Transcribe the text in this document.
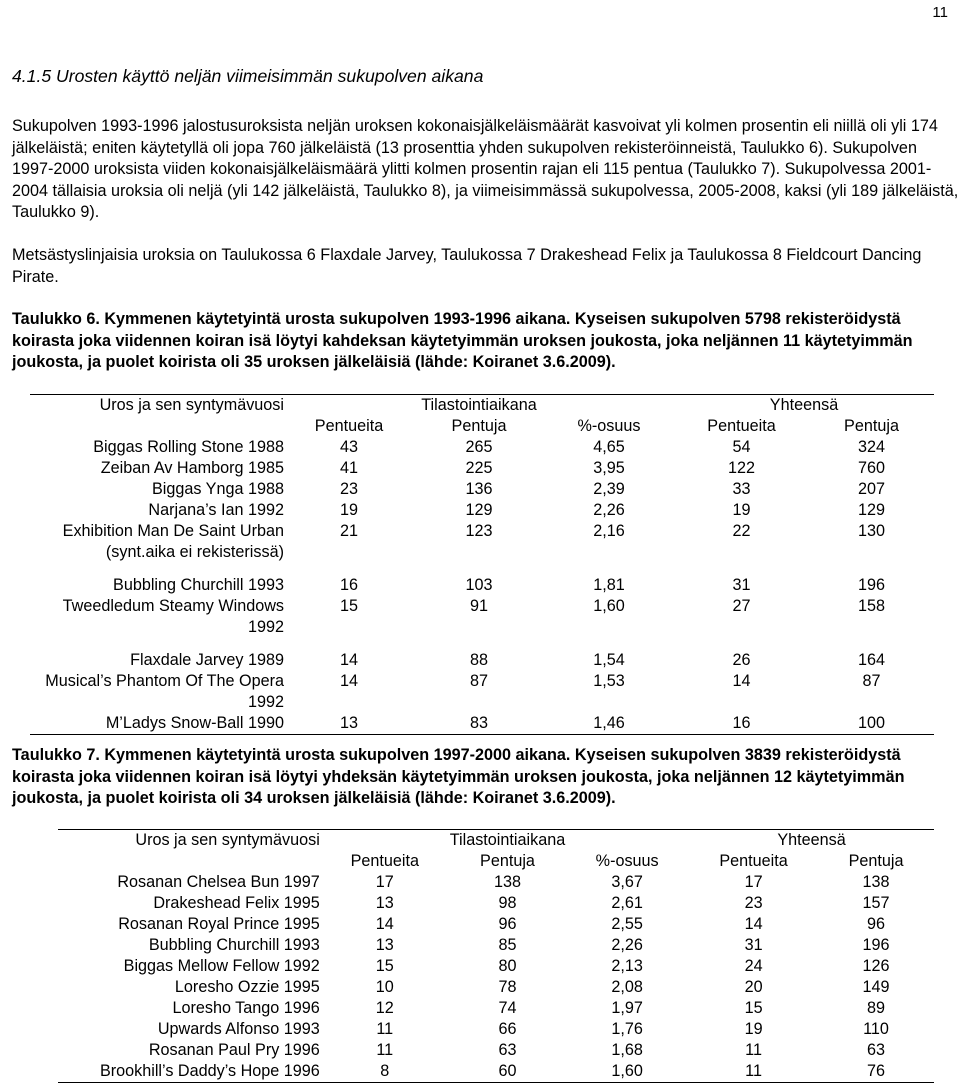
11
4.1.5 Urosten käyttö neljän viimeisimmän sukupolven aikana

Sukupolven 1993-1996 jalostusuroksista neljän uroksen kokonaisjälkeläismäärät kasvoivat yli kolmen prosentin eli niillä oli yli 174 jälkeläistä; eniten käytetyllä oli jopa 760 jälkeläistä (13 prosenttia yhden sukupolven rekisteröinneistä, Taulukko 6). Sukupolven 1997-2000 uroksista viiden kokonaisjälkeläismäärä ylitti kolmen prosentin rajan eli 115 pentua (Taulukko 7). Sukupolvessa 2001-2004 tällaisia uroksia oli neljä (yli 142 jälkeläistä, Taulukko 8), ja viimeisimmässä sukupolvessa, 2005-2008, kaksi (yli 189 jälkeläistä, Taulukko 9).

Metsästyslinjaisia uroksia on Taulukossa 6 Flaxdale Jarvey, Taulukossa 7 Drakeshead Felix ja Taulukossa 8 Fieldcourt Dancing Pirate.

Taulukko 6. Kymmenen käytetyintä urosta sukupolven 1993-1996 aikana. Kyseisen sukupolven 5798 rekisteröidystä koirasta joka viidennen koiran isä löytyi kahdeksan käytetyimmän uroksen joukosta, joka neljännen 11 käytetyimmän joukosta, ja puolet koirista oli 35 uroksen jälkeläisiä (lähde: Koiranet 3.6.2009).

Uros ja sen syntymävuosi		Tilastointiaikana		Yhteensä	
	Pentueita	Pentuja	%-osuus	Pentueita	Pentuja
Biggas Rolling Stone 1988	43	265	4,65	54	324
Zeiban Av Hamborg 1985	41	225	3,95	122	760
Biggas Ynga 1988	23	136	2,39	33	207
Narjana’s Ian 1992	19	129	2,26	19	129
Exhibition Man De Saint Urban (synt.aika ei rekisterissä)	21	123	2,16	22	130

Bubbling Churchill 1993	16	103	1,81	31	196
Tweedledum Steamy Windows 1992	15	91	1,60	27	158

Flaxdale Jarvey 1989	14	88	1,54	26	164
Musical’s Phantom Of The Opera 1992	14	87	1,53	14	87
M’Ladys Snow-Ball 1990	13	83	1,46	16	100

Taulukko 7. Kymmenen käytetyintä urosta sukupolven 1997-2000 aikana. Kyseisen sukupolven 3839 rekisteröidystä koirasta joka viidennen koiran isä löytyi yhdeksän käytetyimmän uroksen joukosta, joka neljännen 12 käytetyimmän joukosta, ja puolet koirista oli 34 uroksen jälkeläisiä (lähde: Koiranet 3.6.2009).

Uros ja sen syntymävuosi		Tilastointiaikana		Yhteensä	
	Pentueita	Pentuja	%-osuus	Pentueita	Pentuja
Rosanan Chelsea Bun 1997	17	138	3,67	17	138
Drakeshead Felix 1995	13	98	2,61	23	157
Rosanan Royal Prince 1995	14	96	2,55	14	96
Bubbling Churchill 1993	13	85	2,26	31	196
Biggas Mellow Fellow 1992	15	80	2,13	24	126
Loresho Ozzie 1995	10	78	2,08	20	149
Loresho Tango 1996	12	74	1,97	15	89
Upwards Alfonso 1993	11	66	1,76	19	110
Rosanan Paul Pry 1996	11	63	1,68	11	63
Brookhill’s Daddy’s Hope 1996	8	60	1,60	11	76
